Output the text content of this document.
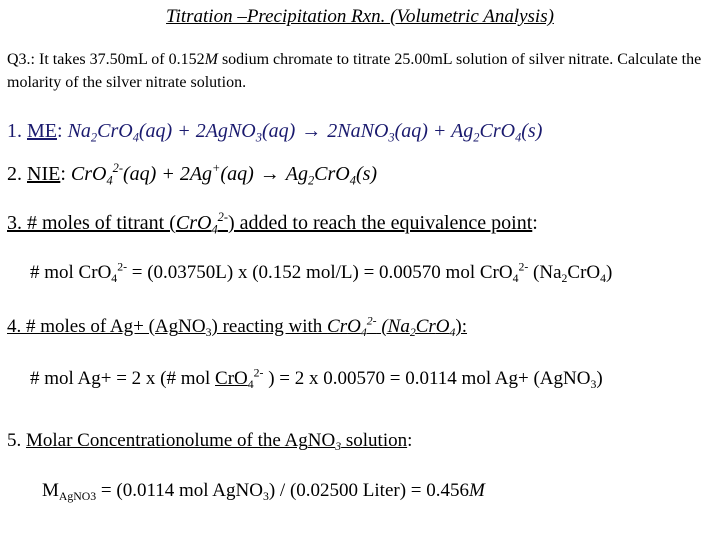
Titration –Precipitation Rxn. (Volumetric Analysis)
Q3.: It takes 37.50mL of 0.152M sodium chromate to titrate 25.00mL solution of silver nitrate. Calculate the molarity of the silver nitrate solution.
1. ME: $Na_2CrO_4(aq)$ + 2AgNO$_3$(aq) → 2NaNO$_3$(aq) + $Ag_2CrO_4(s)$
2. NIE: $CrO_4^{2-}(aq) + 2Ag^+(aq) \to Ag_2CrO_4(s)$
3. # moles of titrant (CrO$_4^{2-}$) added to reach the equivalence point:
# mol CrO$_4^{2-}$ = (0.03750L) x (0.152 mol/L) = 0.00570 mol CrO$_4^{2-}$ $(Na_2CrO_4)$
4. # moles of Ag+ (AgNO$_3$) reacting with CrO$_4^{2-}$ $(Na_2CrO_4)$:
# mol Ag+ = 2 x (# mol CrO$_4^{2-}$ ) = 2 x 0.00570 = 0.0114 mol Ag+ (AgNO$_3$)
5. Molar Concentrationolume of the AgNO$_3$ solution:
$M_{AgNO3} = (0.0114$ mol AgNO$_3$) / (0.02500 Liter) = 0.456M
